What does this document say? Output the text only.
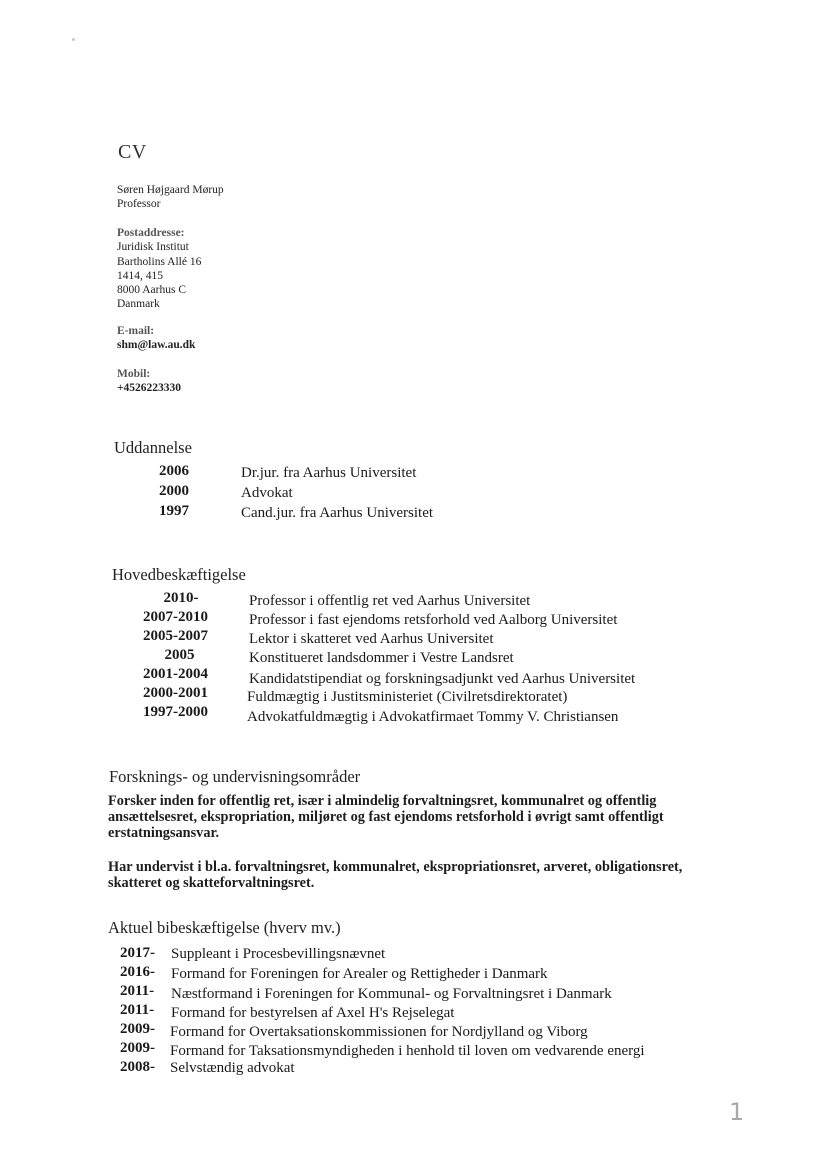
CV
Søren Højgaard Mørup
Professor
Postaddresse:
Juridisk Institut
Bartholins Allé 16
1414, 415
8000 Aarhus C
Danmark
E-mail:
shm@law.au.dk
Mobil:
+4526223330
Uddannelse
2006	Dr.jur. fra Aarhus Universitet
2000	Advokat
1997	Cand.jur. fra Aarhus Universitet
Hovedbeskæftigelse
2010-	Professor i offentlig ret ved Aarhus Universitet
2007-2010	Professor i fast ejendoms retsforhold ved Aalborg Universitet
2005-2007	Lektor i skatteret ved Aarhus Universitet
2005	Konstitueret landsdommer i Vestre Landsret
2001-2004	Kandidatstipendiat og forskningsadjunkt ved Aarhus Universitet
2000-2001	Fuldmægtig i Justitsministeriet (Civilretsdirektoratet)
1997-2000	Advokatfuldmægtig i Advokatfirmaet Tommy V. Christiansen
Forsknings- og undervisningsområder
Forsker inden for offentlig ret, især i almindelig forvaltningsret, kommunalret og offentlig ansættelsesret, ekspropriation, miljøret og fast ejendoms retsforhold i øvrigt samt offentligt erstatningsansvar.
Har undervist i bl.a. forvaltningsret, kommunalret, ekspropriationsret, arveret, obligationsret, skatteret og skatteforvaltningsret.
Aktuel bibeskæftigelse (hverv mv.)
2017- Suppleant i Procesbevillingsnævnet
2016- Formand for Foreningen for Arealer og Rettigheder i Danmark
2011- Næstformand i Foreningen for Kommunal- og Forvaltningsret i Danmark
2011- Formand for bestyrelsen af Axel H's Rejselegat
2009- Formand for Overtaksationskommissionen for Nordjylland og Viborg
2009- Formand for Taksationsmyndigheden i henhold til loven om vedvarende energi
2008- Selvstændig advokat
1
